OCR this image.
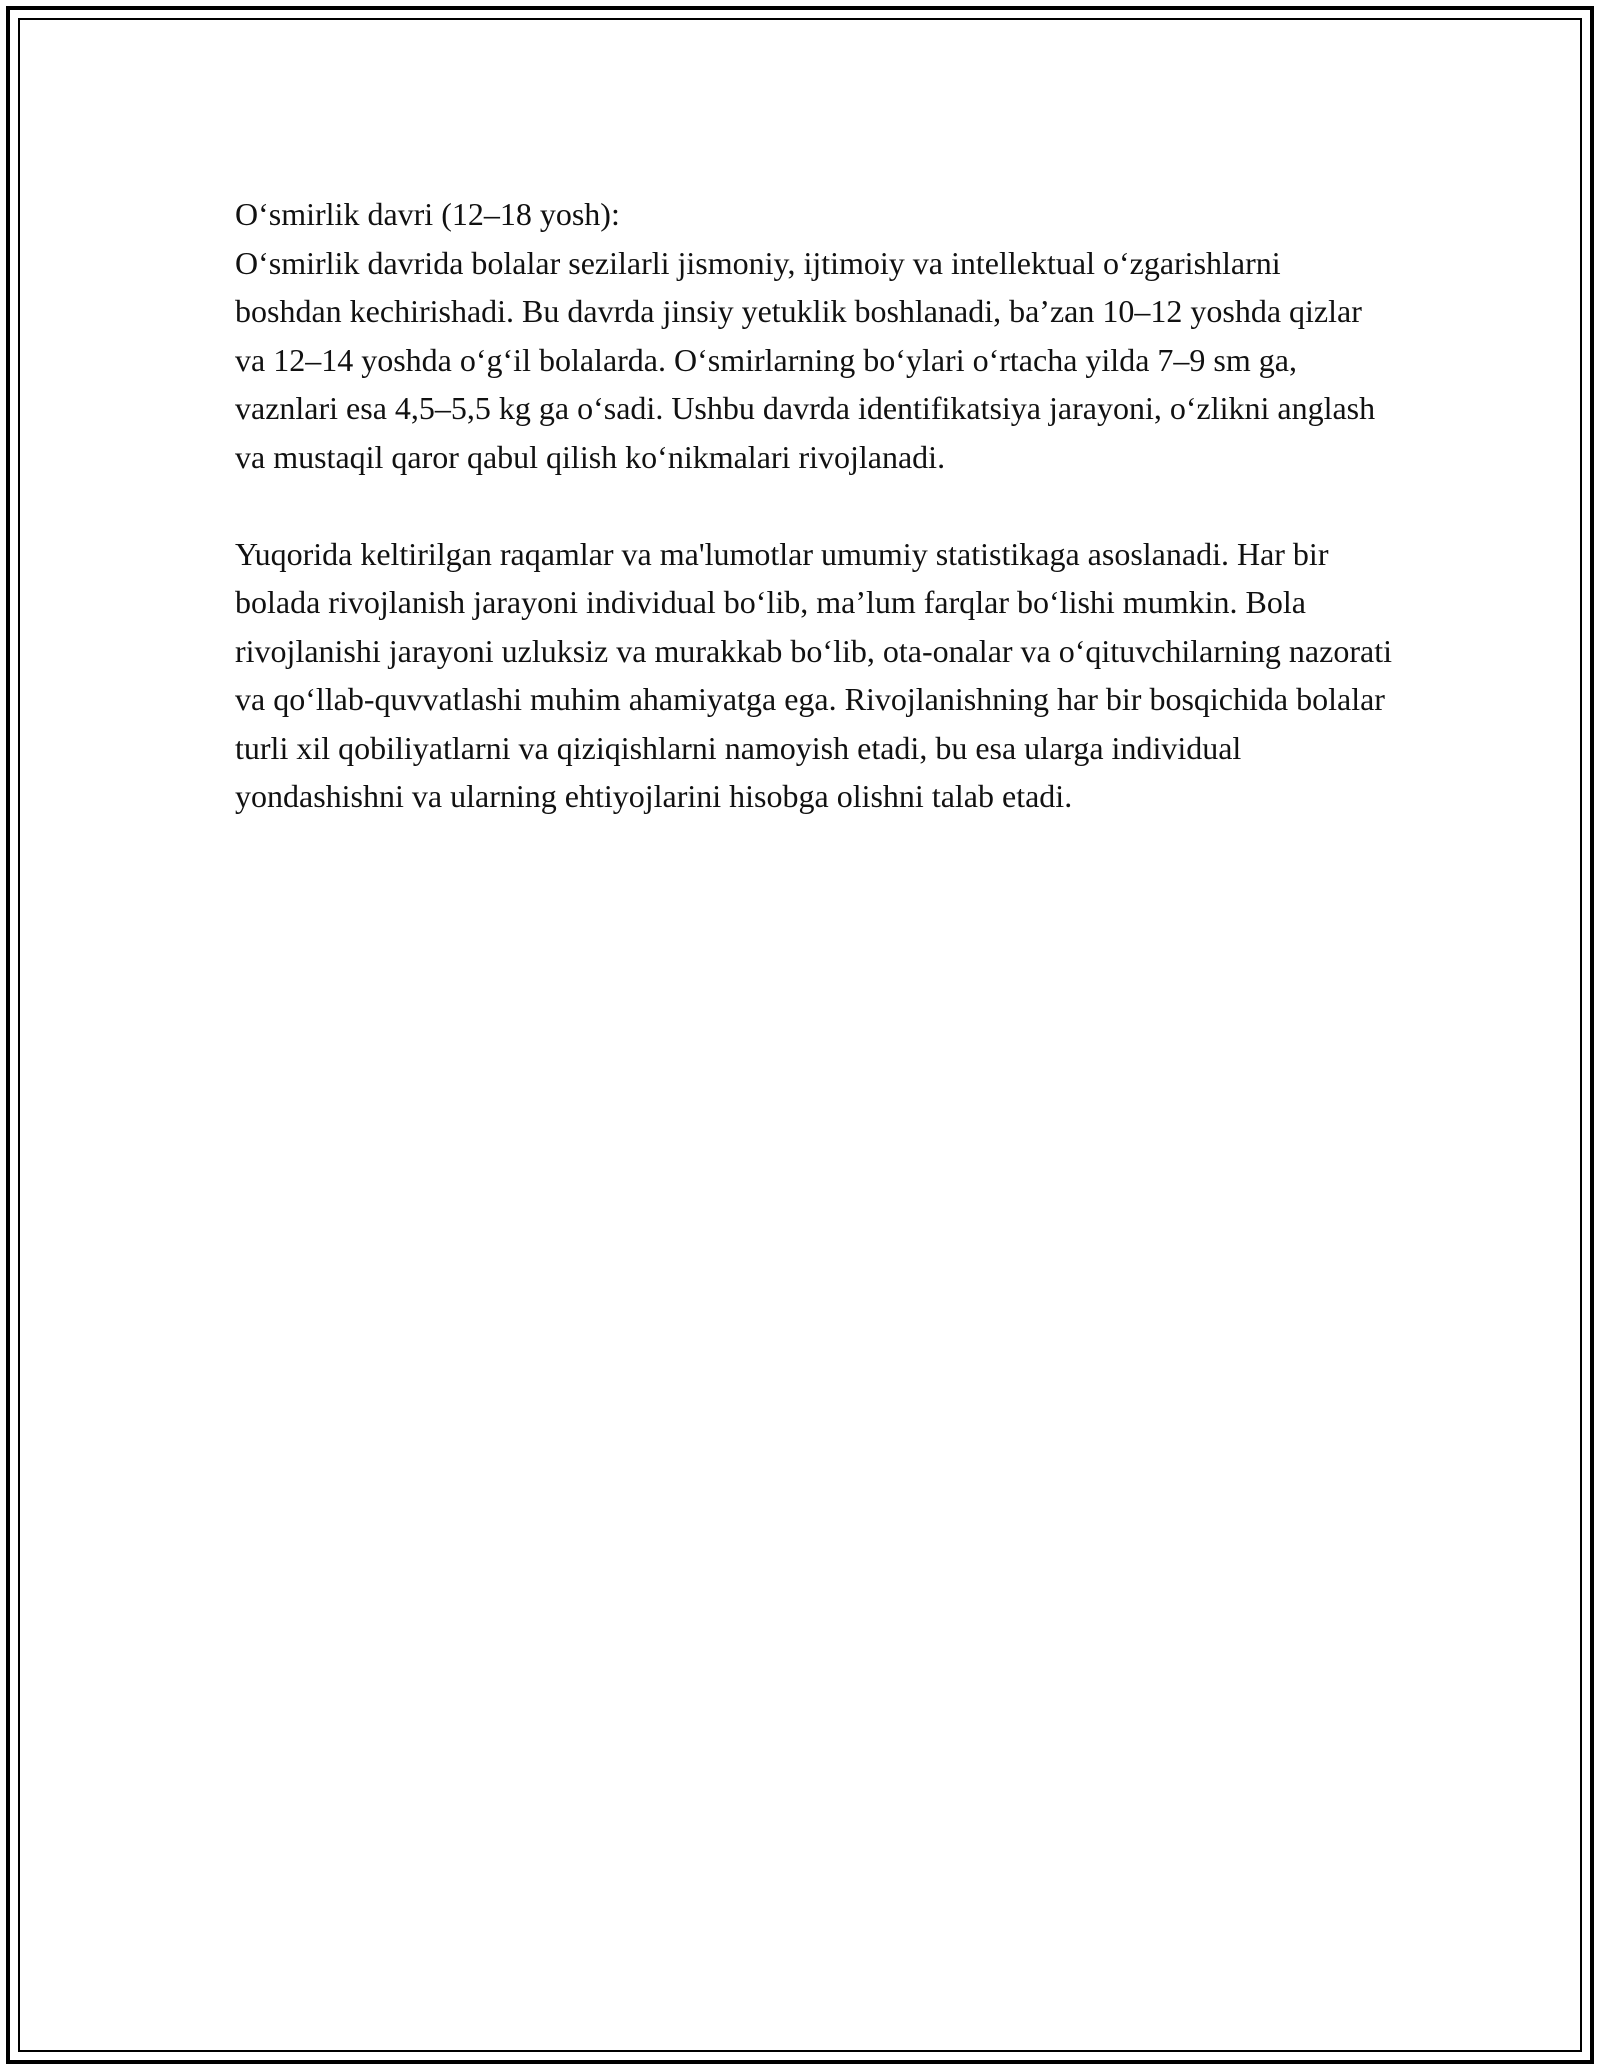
O‘smirlik davri (12–18 yosh):

O‘smirlik davrida bolalar sezilarli jismoniy, ijtimoiy va intellektual o‘zgarishlarni boshdan kechirishadi. Bu davrda jinsiy yetuklik boshlanadi, ba’zan 10–12 yoshda qizlar va 12–14 yoshda o‘g‘il bolalarda. O‘smirlarning bo‘ylari o‘rtacha yilda 7–9 sm ga, vaznlari esa 4,5–5,5 kg ga o‘sadi. Ushbu davrda identifikatsiya jarayoni, o‘zlikni anglash va mustaqil qaror qabul qilish ko‘nikmalari rivojlanadi.

Yuqorida keltirilgan raqamlar va ma'lumotlar umumiy statistikaga asoslanadi. Har bir bolada rivojlanish jarayoni individual bo‘lib, ma’lum farqlar bo‘lishi mumkin. Bola rivojlanishi jarayoni uzluksiz va murakkab bo‘lib, ota-onalar va o‘qituvchilarning nazorati va qo‘llab-quvvatlashi muhim ahamiyatga ega. Rivojlanishning har bir bosqichida bolalar turli xil qobiliyatlarni va qiziqishlarni namoyish etadi, bu esa ularga individual yondashishni va ularning ehtiyojlarini hisobga olishni talab etadi.
